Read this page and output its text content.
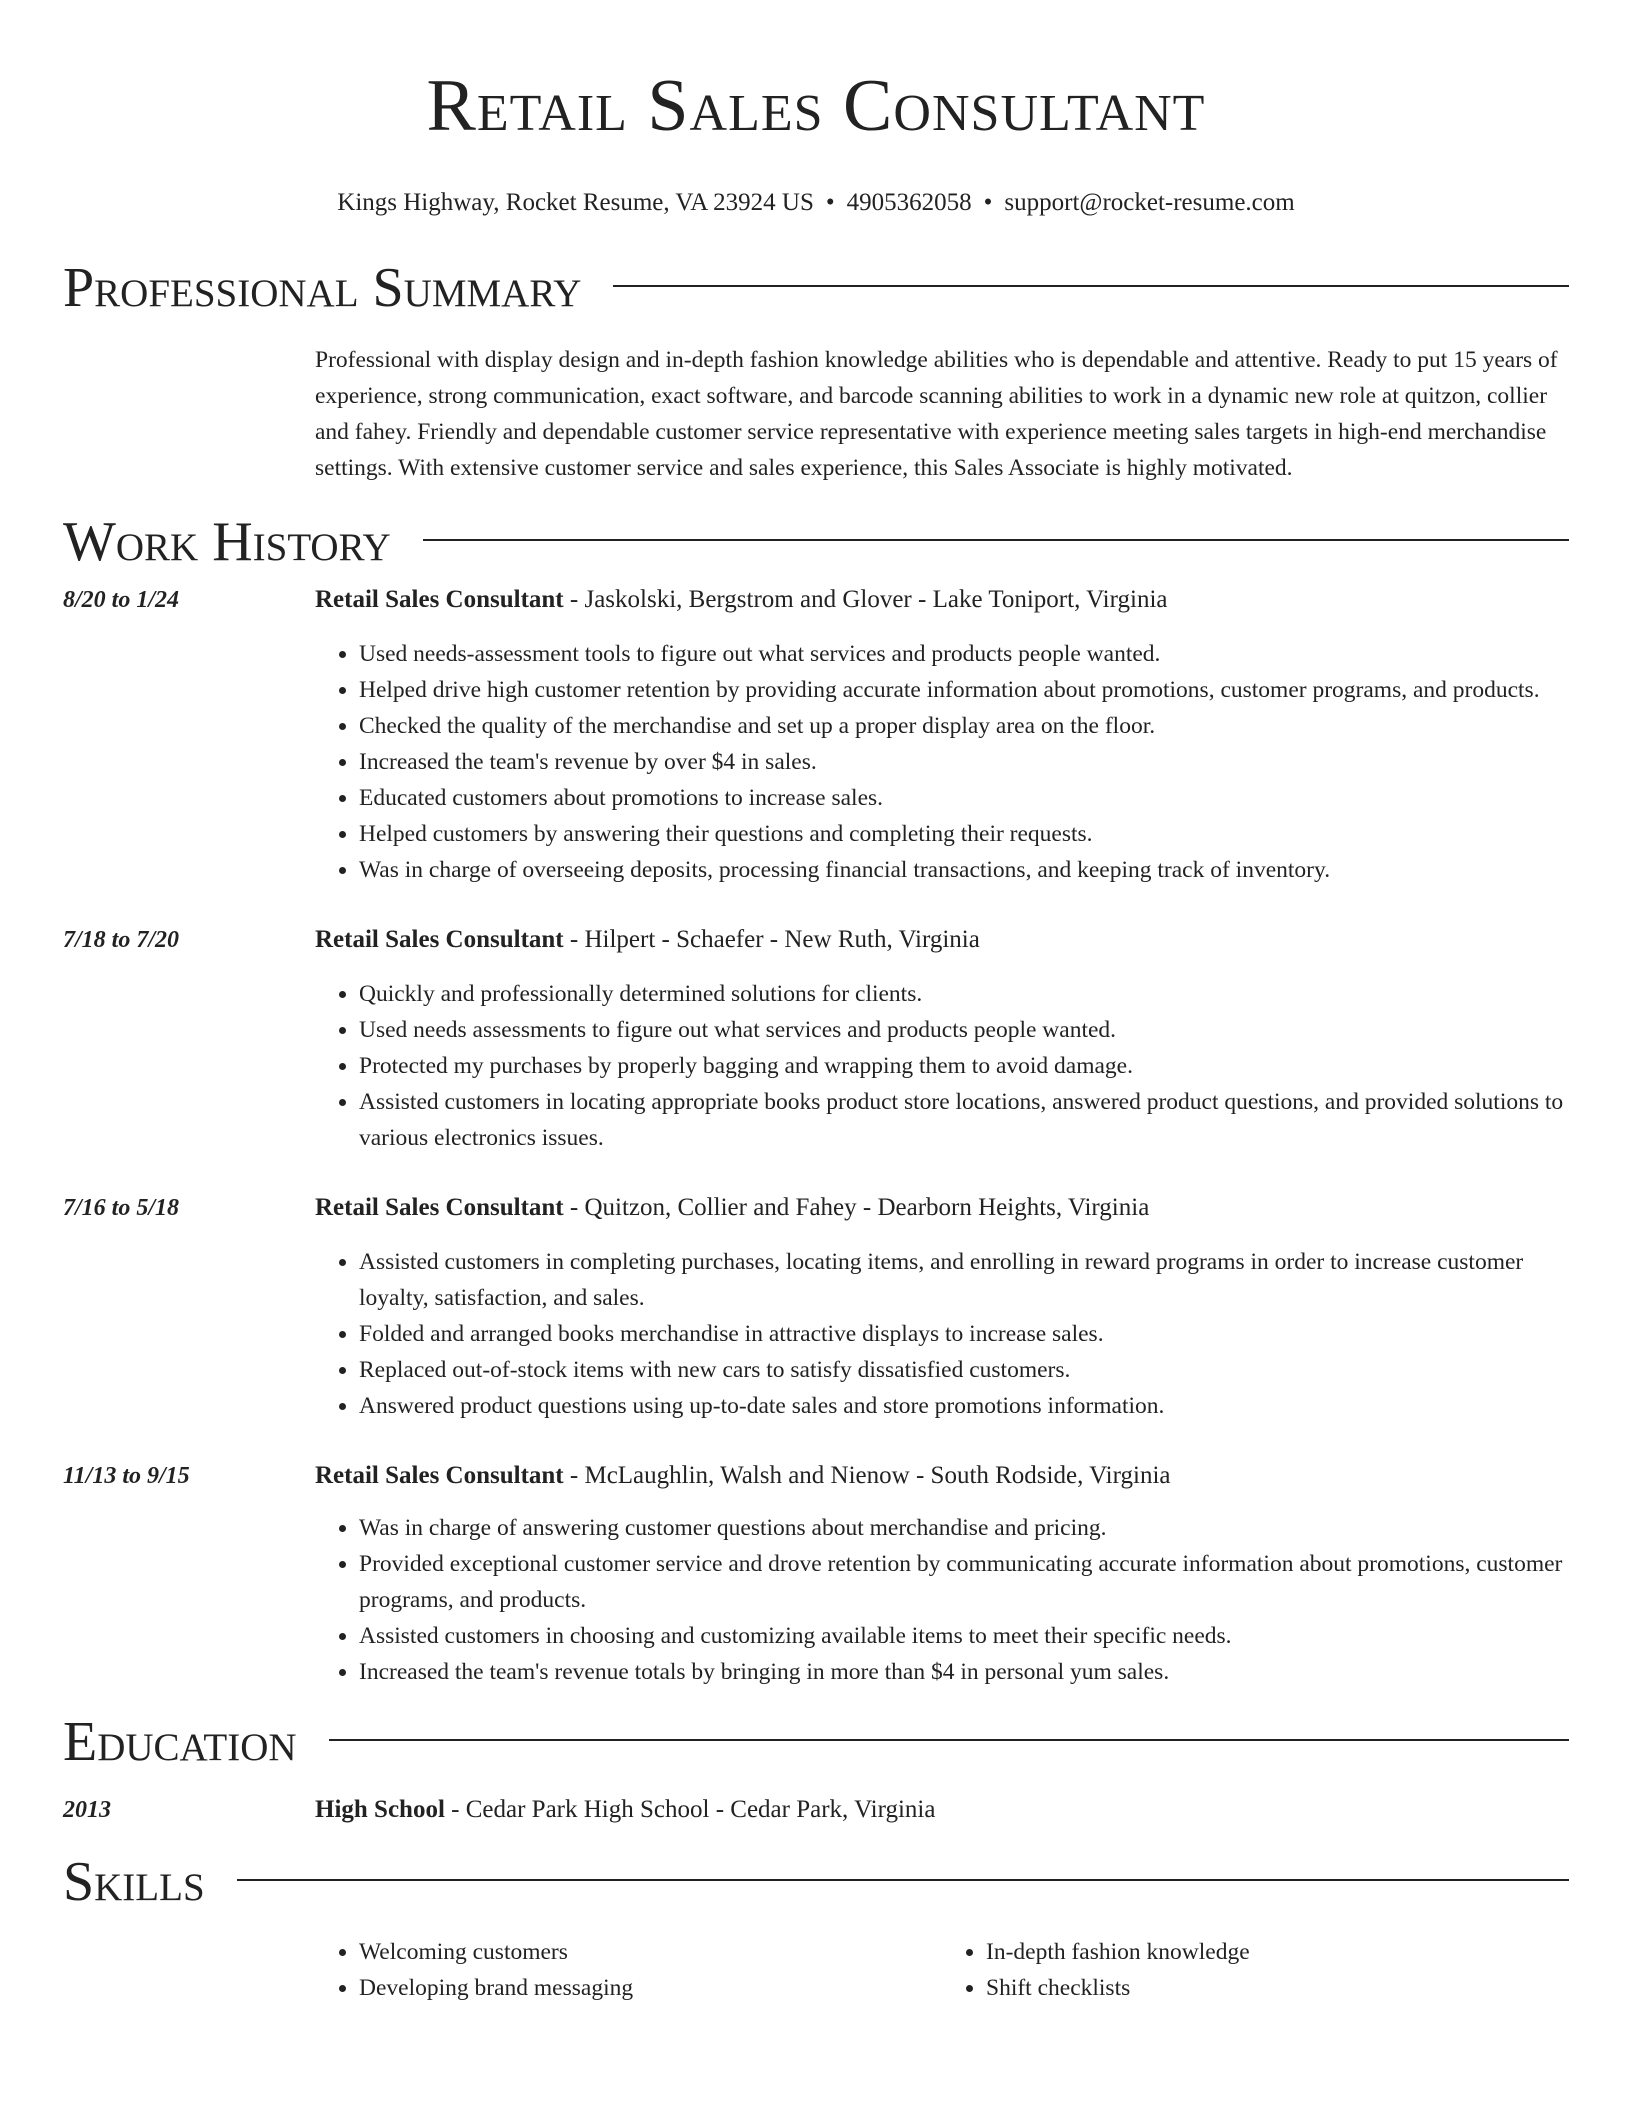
Retail Sales Consultant
Kings Highway, Rocket Resume, VA 23924 US • 4905362058 • support@rocket-resume.com
Professional Summary
Professional with display design and in-depth fashion knowledge abilities who is dependable and attentive. Ready to put 15 years of experience, strong communication, exact software, and barcode scanning abilities to work in a dynamic new role at quitzon, collier and fahey. Friendly and dependable customer service representative with experience meeting sales targets in high-end merchandise settings. With extensive customer service and sales experience, this Sales Associate is highly motivated.
Work History
8/20 to 1/24	Retail Sales Consultant - Jaskolski, Bergstrom and Glover - Lake Toniport, Virginia
• Used needs-assessment tools to figure out what services and products people wanted.
• Helped drive high customer retention by providing accurate information about promotions, customer programs, and products.
• Checked the quality of the merchandise and set up a proper display area on the floor.
• Increased the team's revenue by over $4 in sales.
• Educated customers about promotions to increase sales.
• Helped customers by answering their questions and completing their requests.
• Was in charge of overseeing deposits, processing financial transactions, and keeping track of inventory.
7/18 to 7/20	Retail Sales Consultant - Hilpert - Schaefer - New Ruth, Virginia
• Quickly and professionally determined solutions for clients.
• Used needs assessments to figure out what services and products people wanted.
• Protected my purchases by properly bagging and wrapping them to avoid damage.
• Assisted customers in locating appropriate books product store locations, answered product questions, and provided solutions to various electronics issues.
7/16 to 5/18	Retail Sales Consultant - Quitzon, Collier and Fahey - Dearborn Heights, Virginia
• Assisted customers in completing purchases, locating items, and enrolling in reward programs in order to increase customer loyalty, satisfaction, and sales.
• Folded and arranged books merchandise in attractive displays to increase sales.
• Replaced out-of-stock items with new cars to satisfy dissatisfied customers.
• Answered product questions using up-to-date sales and store promotions information.
11/13 to 9/15	Retail Sales Consultant - McLaughlin, Walsh and Nienow - South Rodside, Virginia
• Was in charge of answering customer questions about merchandise and pricing.
• Provided exceptional customer service and drove retention by communicating accurate information about promotions, customer programs, and products.
• Assisted customers in choosing and customizing available items to meet their specific needs.
• Increased the team's revenue totals by bringing in more than $4 in personal yum sales.
Education
2013	High School - Cedar Park High School - Cedar Park, Virginia
Skills
• Welcoming customers
• Developing brand messaging
• In-depth fashion knowledge
• Shift checklists
